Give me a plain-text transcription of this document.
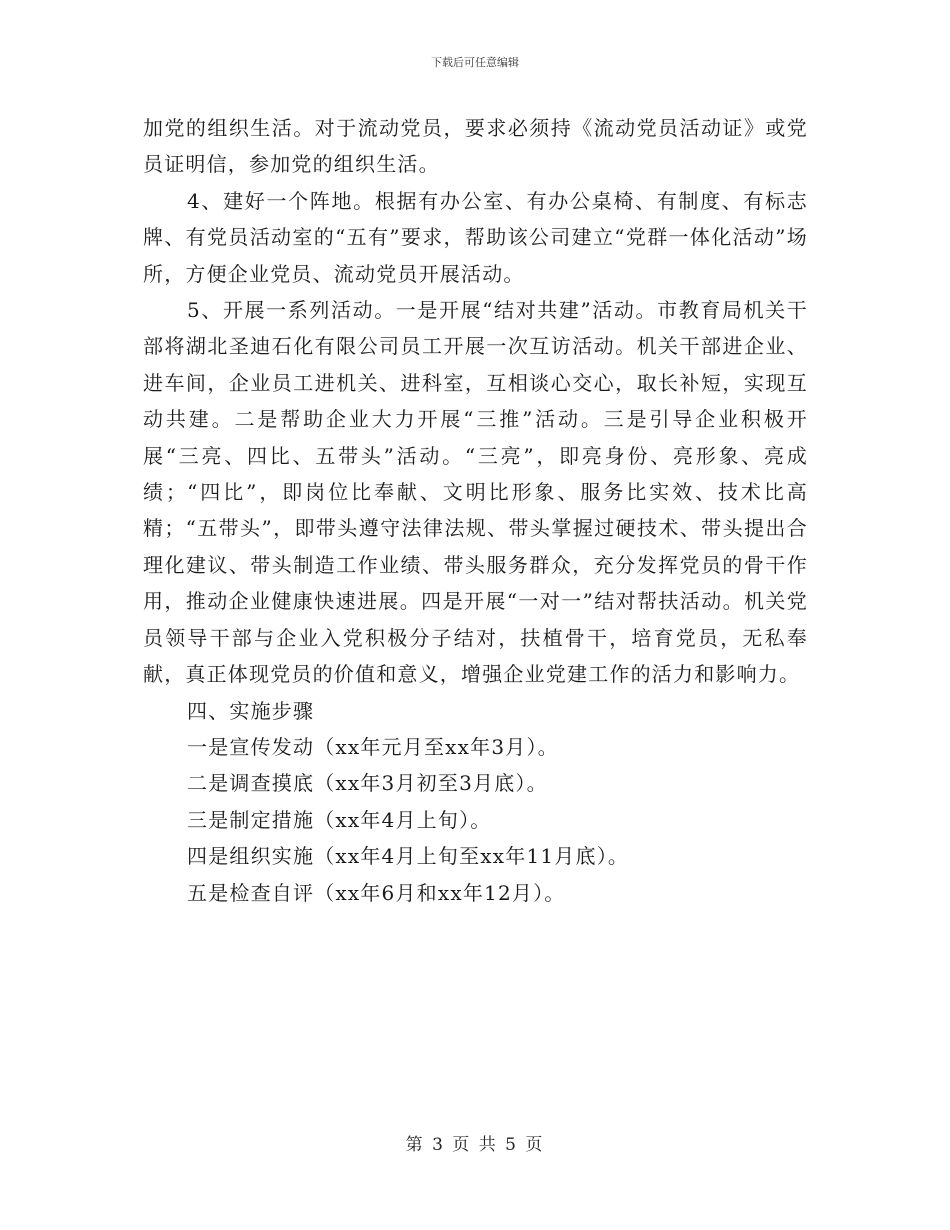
下载后可任意编辑

加党的组织生活。对于流动党员，要求必须持《流动党员活动证》或党员证明信，参加党的组织生活。

4、建好一个阵地。根据有办公室、有办公桌椅、有制度、有标志牌、有党员活动室的“五有”要求，帮助该公司建立“党群一体化活动”场所，方便企业党员、流动党员开展活动。

5、开展一系列活动。一是开展“结对共建”活动。市教育局机关干部将湖北圣迪石化有限公司员工开展一次互访活动。机关干部进企业、进车间，企业员工进机关、进科室，互相谈心交心，取长补短，实现互动共建。二是帮助企业大力开展“三推”活动。三是引导企业积极开展“三亮、四比、五带头”活动。“三亮”，即亮身份、亮形象、亮成绩；“四比”，即岗位比奉献、文明比形象、服务比实效、技术比高精；“五带头”，即带头遵守法律法规、带头掌握过硬技术、带头提出合理化建议、带头制造工作业绩、带头服务群众，充分发挥党员的骨干作用，推动企业健康快速进展。四是开展“一对一”结对帮扶活动。机关党员领导干部与企业入党积极分子结对，扶植骨干，培育党员，无私奉献，真正体现党员的价值和意义，增强企业党建工作的活力和影响力。

四、实施步骤

一是宣传发动（xx年元月至xx年3月）。

二是调查摸底（xx年3月初至3月底）。

三是制定措施（xx年4月上旬）。

四是组织实施（xx年4月上旬至xx年11月底）。

五是检查自评（xx年6月和xx年12月）。

第 3 页 共 5 页
